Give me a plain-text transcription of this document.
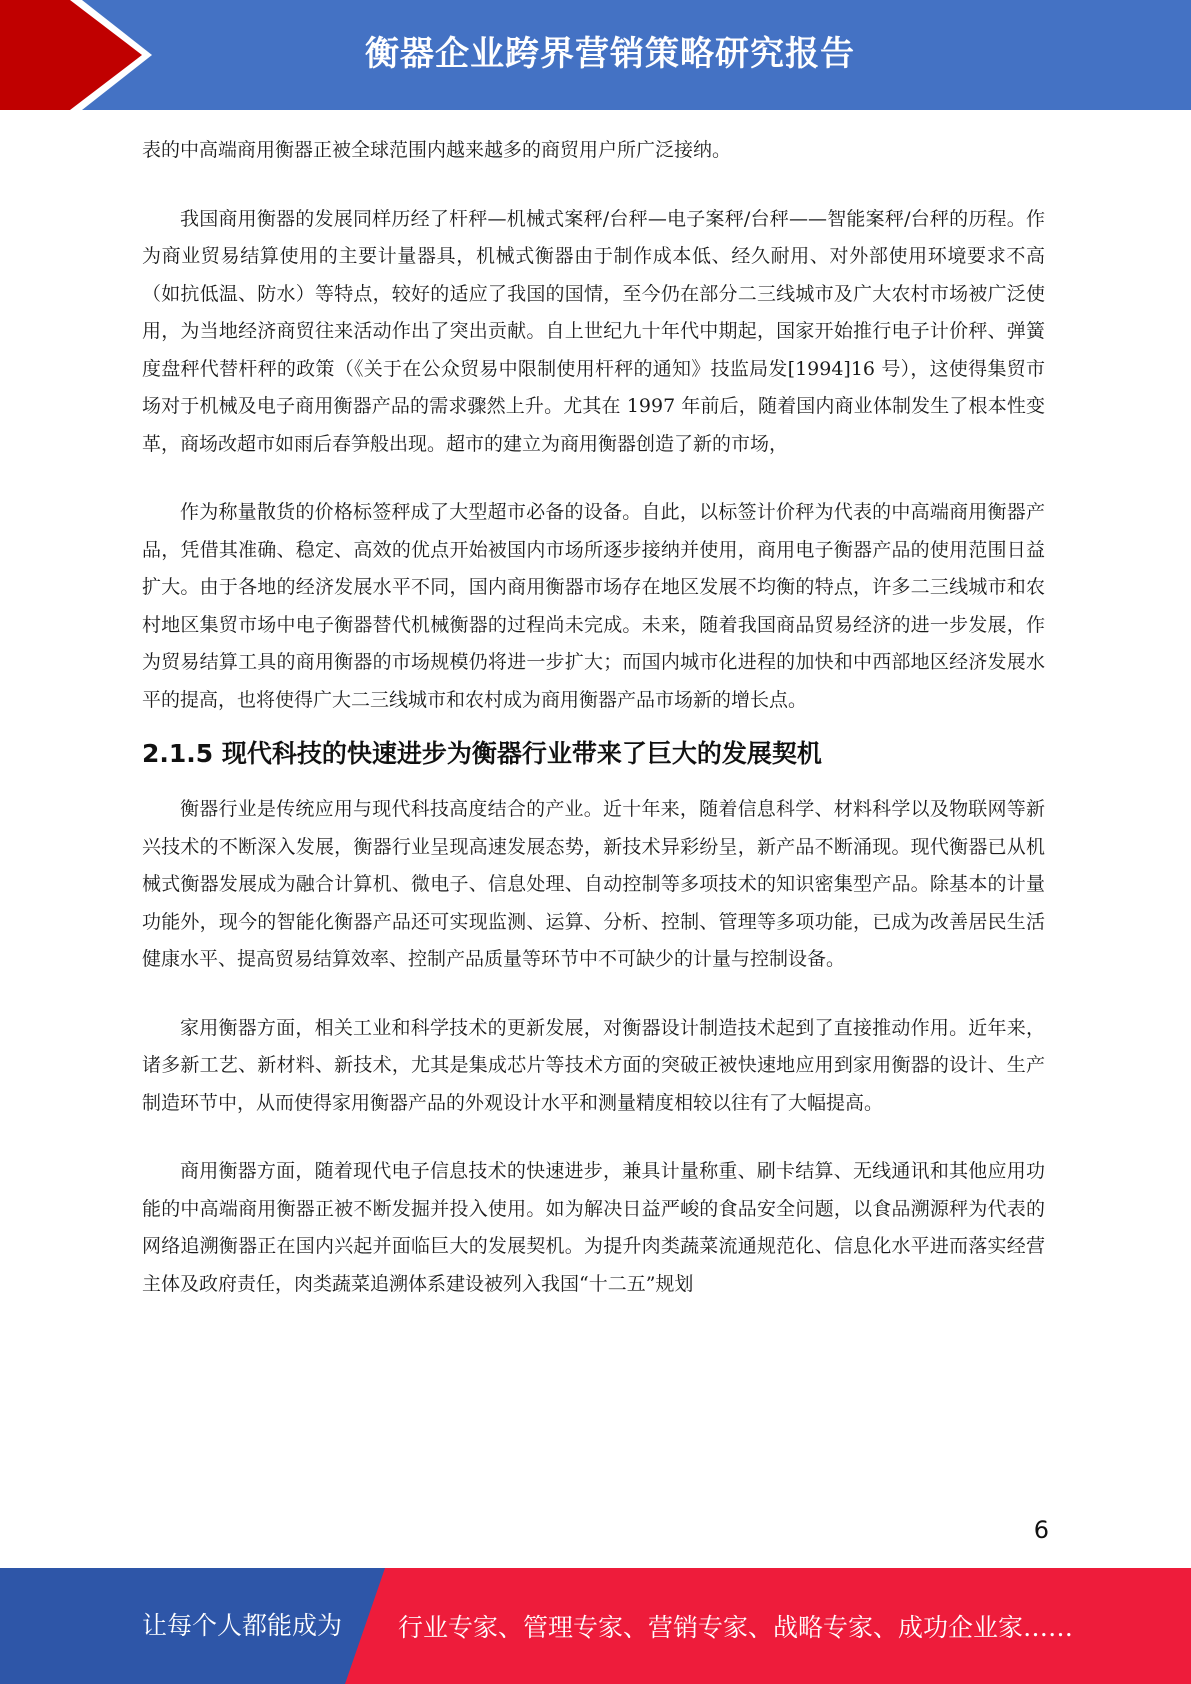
衡器企业跨界营销策略研究报告

表的中高端商用衡器正被全球范围内越来越多的商贸用户所广泛接纳。

我国商用衡器的发展同样历经了杆秤—机械式案秤/台秤—电子案秤/台秤——智能案秤/台秤的历程。作为商业贸易结算使用的主要计量器具，机械式衡器由于制作成本低、经久耐用、对外部使用环境要求不高（如抗低温、防水）等特点，较好的适应了我国的国情，至今仍在部分二三线城市及广大农村市场被广泛使用，为当地经济商贸往来活动作出了突出贡献。自上世纪九十年代中期起，国家开始推行电子计价秤、弹簧度盘秤代替杆秤的政策（《关于在公众贸易中限制使用杆秤的通知》技监局发[1994]16 号），这使得集贸市场对于机械及电子商用衡器产品的需求骤然上升。尤其在 1997 年前后，随着国内商业体制发生了根本性变革，商场改超市如雨后春笋般出现。超市的建立为商用衡器创造了新的市场，

作为称量散货的价格标签秤成了大型超市必备的设备。自此，以标签计价秤为代表的中高端商用衡器产品，凭借其准确、稳定、高效的优点开始被国内市场所逐步接纳并使用，商用电子衡器产品的使用范围日益扩大。由于各地的经济发展水平不同，国内商用衡器市场存在地区发展不均衡的特点，许多二三线城市和农村地区集贸市场中电子衡器替代机械衡器的过程尚未完成。未来，随着我国商品贸易经济的进一步发展，作为贸易结算工具的商用衡器的市场规模仍将进一步扩大；而国内城市化进程的加快和中西部地区经济发展水平的提高，也将使得广大二三线城市和农村成为商用衡器产品市场新的增长点。

2.1.5 现代科技的快速进步为衡器行业带来了巨大的发展契机

衡器行业是传统应用与现代科技高度结合的产业。近十年来，随着信息科学、材料科学以及物联网等新兴技术的不断深入发展，衡器行业呈现高速发展态势，新技术异彩纷呈，新产品不断涌现。现代衡器已从机械式衡器发展成为融合计算机、微电子、信息处理、自动控制等多项技术的知识密集型产品。除基本的计量功能外，现今的智能化衡器产品还可实现监测、运算、分析、控制、管理等多项功能，已成为改善居民生活健康水平、提高贸易结算效率、控制产品质量等环节中不可缺少的计量与控制设备。

家用衡器方面，相关工业和科学技术的更新发展，对衡器设计制造技术起到了直接推动作用。近年来，诸多新工艺、新材料、新技术，尤其是集成芯片等技术方面的突破正被快速地应用到家用衡器的设计、生产制造环节中，从而使得家用衡器产品的外观设计水平和测量精度相较以往有了大幅提高。

商用衡器方面，随着现代电子信息技术的快速进步，兼具计量称重、刷卡结算、无线通讯和其他应用功能的中高端商用衡器正被不断发掘并投入使用。如为解决日益严峻的食品安全问题，以食品溯源秤为代表的网络追溯衡器正在国内兴起并面临巨大的发展契机。为提升肉类蔬菜流通规范化、信息化水平进而落实经营主体及政府责任，肉类蔬菜追溯体系建设被列入我国“十二五”规划

6
让每个人都能成为 行业专家、管理专家、营销专家、战略专家、成功企业家……
